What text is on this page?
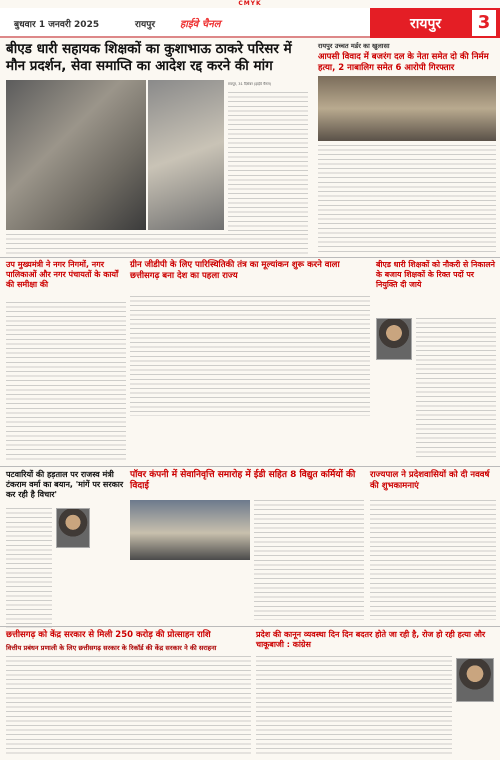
CMYK
बुधवार 1 जनवरी 2025	रायपुर हाईवे चैनल	रायपुर	3
बीएड धारी सहायक शिक्षकों का कुशाभाऊ ठाकरे परिसर में मौन प्रदर्शन, सेवा समाप्ति का आदेश रद्द करने की मांग
रायपुर, 31 दिसंबर (हाईवे चैनल)
रायपुर उच्चत मर्डर का खुलासा
आपसी विवाद में बजरंग दल के नेता समेत दो की निर्मम हत्या, 2 नाबालिग समेत 6 आरोपी गिरफ्तार
उप मुख्यमंत्री ने नगर निगमों, नगर पालिकाओं और नगर पंचायतों के कार्यों की समीक्षा की
ग्रीन जीडीपी के लिए पारिस्थितिकी तंत्र का मूल्यांकन शुरू करने वाला छत्तीसगढ़ बना देश का पहला राज्य
बीएड धारी शिक्षकों को नौकरी से निकालने के बजाय शिक्षकों के रिक्त पदों पर नियुक्ति दी जाये
पटवारियों की हड़ताल पर राजस्व मंत्री टंकराम वर्मा का बयान, 'मांगें पर सरकार कर रही है विचार'
पॉवर कंपनी में सेवानिवृत्ति समारोह में ईडी सहित 8 विद्युत कर्मियों की विदाई
राज्यपाल ने प्रदेशवासियों को दी नववर्ष की शुभकामनाएं
छत्तीसगढ़ को केंद्र सरकार से मिली 250 करोड़ की प्रोत्साहन राशि
वित्तीय प्रबंधन प्रणाली के लिए छत्तीसगढ़ सरकार के रिकॉर्ड की केंद्र सरकार ने की सराहना
प्रदेश की कानून व्यवस्था दिन दिन बदतर होते जा रही है, रोज हो रही हत्या और चाकूबाजी : कांग्रेस
